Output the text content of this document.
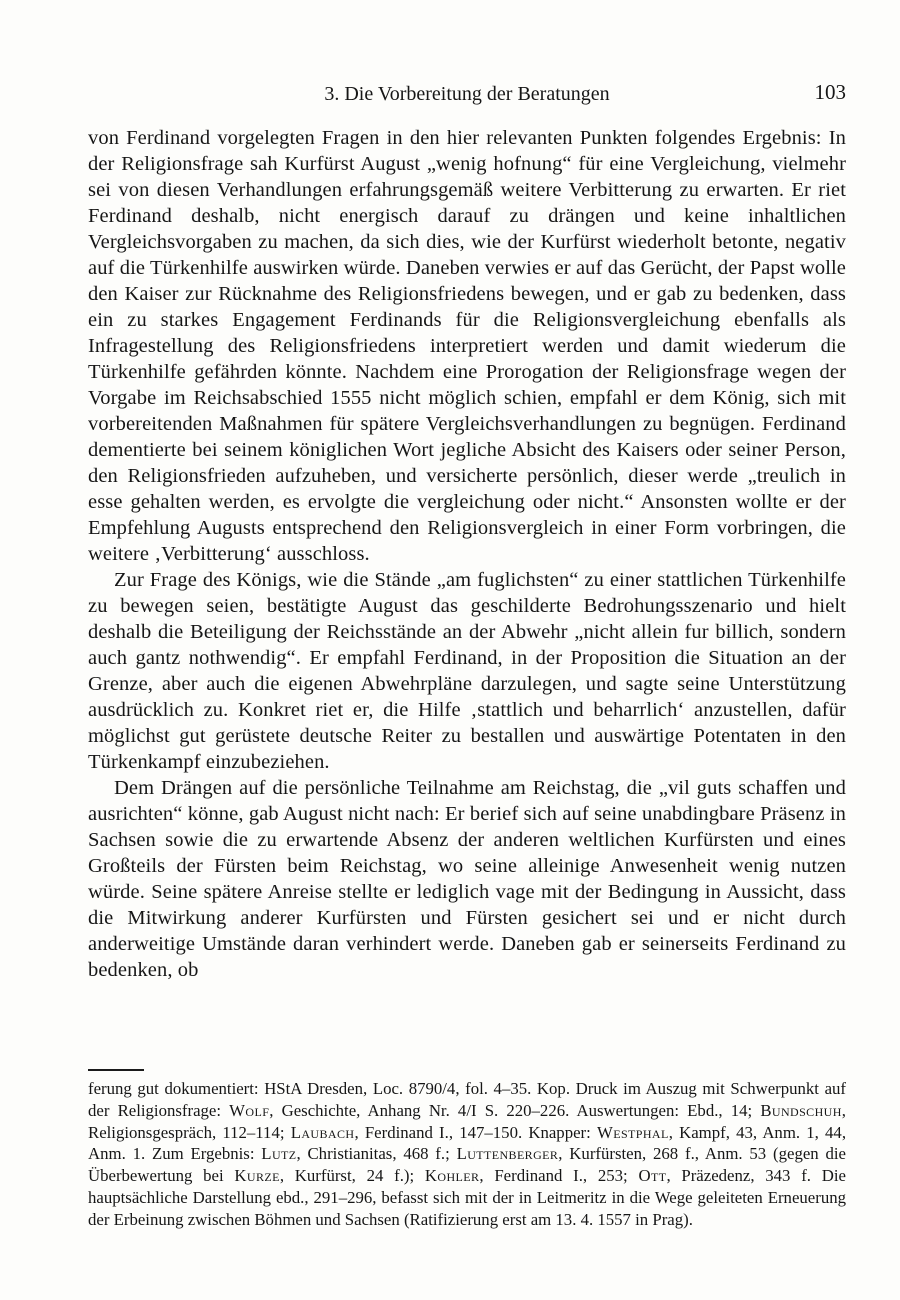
3. Die Vorbereitung der Beratungen	103

von Ferdinand vorgelegten Fragen in den hier relevanten Punkten folgendes Ergebnis: In der Religionsfrage sah Kurfürst August „wenig hofnung“ für eine Vergleichung, vielmehr sei von diesen Verhandlungen erfahrungsgemäß weitere Verbitterung zu erwarten. Er riet Ferdinand deshalb, nicht energisch darauf zu drängen und keine inhaltlichen Vergleichsvorgaben zu machen, da sich dies, wie der Kurfürst wiederholt betonte, negativ auf die Türkenhilfe auswirken würde. Daneben verwies er auf das Gerücht, der Papst wolle den Kaiser zur Rücknahme des Religionsfriedens bewegen, und er gab zu bedenken, dass ein zu starkes Engagement Ferdinands für die Religionsvergleichung ebenfalls als Infragestellung des Religionsfriedens interpretiert werden und damit wiederum die Türkenhilfe gefährden könnte. Nachdem eine Prorogation der Religionsfrage wegen der Vorgabe im Reichsabschied 1555 nicht möglich schien, empfahl er dem König, sich mit vorbereitenden Maßnahmen für spätere Vergleichsverhandlungen zu begnügen. Ferdinand dementierte bei seinem königlichen Wort jegliche Absicht des Kaisers oder seiner Person, den Religionsfrieden aufzuheben, und versicherte persönlich, dieser werde „treulich in esse gehalten werden, es ervolgte die vergleichung oder nicht.“ Ansonsten wollte er der Empfehlung Augusts entsprechend den Religionsvergleich in einer Form vorbringen, die weitere ‚Verbitterung‘ ausschloss.

Zur Frage des Königs, wie die Stände „am fuglichsten“ zu einer stattlichen Türkenhilfe zu bewegen seien, bestätigte August das geschilderte Bedrohungsszenario und hielt deshalb die Beteiligung der Reichsstände an der Abwehr „nicht allein fur billich, sondern auch gantz nothwendig“. Er empfahl Ferdinand, in der Proposition die Situation an der Grenze, aber auch die eigenen Abwehrpläne darzulegen, und sagte seine Unterstützung ausdrücklich zu. Konkret riet er, die Hilfe ‚stattlich und beharrlich‘ anzustellen, dafür möglichst gut gerüstete deutsche Reiter zu bestallen und auswärtige Potentaten in den Türkenkampf einzubeziehen.

Dem Drängen auf die persönliche Teilnahme am Reichstag, die „vil guts schaffen und ausrichten“ könne, gab August nicht nach: Er berief sich auf seine unabdingbare Präsenz in Sachsen sowie die zu erwartende Absenz der anderen weltlichen Kurfürsten und eines Großteils der Fürsten beim Reichstag, wo seine alleinige Anwesenheit wenig nutzen würde. Seine spätere Anreise stellte er lediglich vage mit der Bedingung in Aussicht, dass die Mitwirkung anderer Kurfürsten und Fürsten gesichert sei und er nicht durch anderweitige Umstände daran verhindert werde. Daneben gab er seinerseits Ferdinand zu bedenken, ob

ferung gut dokumentiert: HStA Dresden, Loc. 8790/4, fol. 4–35. Kop. Druck im Auszug mit Schwerpunkt auf der Religionsfrage: Wolf, Geschichte, Anhang Nr. 4/I S. 220–226. Auswertungen: Ebd., 14; Bundschuh, Religionsgespräch, 112–114; Laubach, Ferdinand I., 147–150. Knapper: Westphal, Kampf, 43, Anm. 1, 44, Anm. 1. Zum Ergebnis: Lutz, Christianitas, 468 f.; Luttenberger, Kurfürsten, 268 f., Anm. 53 (gegen die Überbewertung bei Kurze, Kurfürst, 24 f.); Kohler, Ferdinand I., 253; Ott, Präzedenz, 343 f. Die hauptsächliche Darstellung ebd., 291–296, befasst sich mit der in Leitmeritz in die Wege geleiteten Erneuerung der Erbeinung zwischen Böhmen und Sachsen (Ratifizierung erst am 13. 4. 1557 in Prag).
